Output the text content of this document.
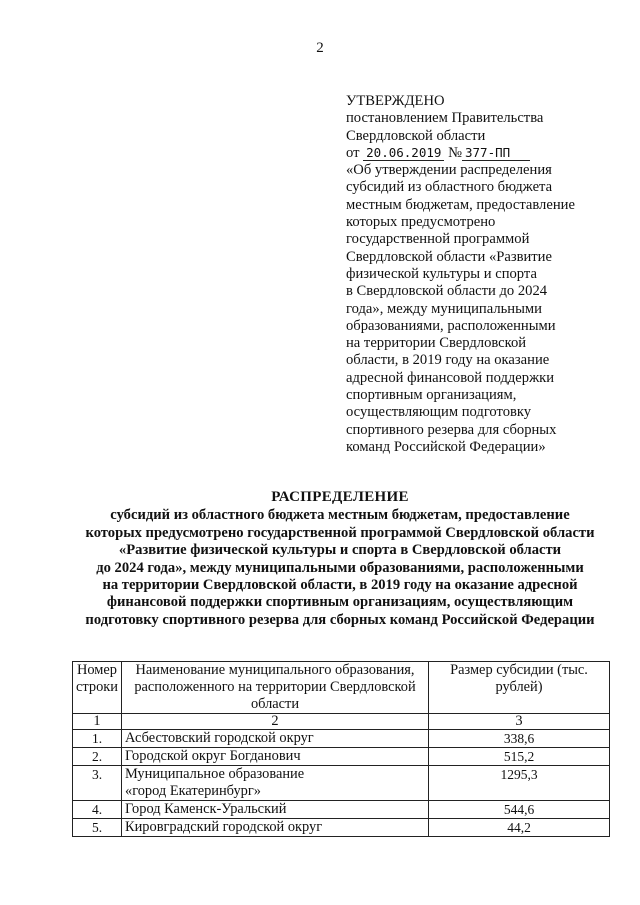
2
УТВЕРЖДЕНО
постановлением Правительства
Свердловской области
от 20.06.2019 № 377-ПП
«Об утверждении распределения
субсидий из областного бюджета
местным бюджетам, предоставление
которых предусмотрено
государственной программой
Свердловской области «Развитие
физической культуры и спорта
в Свердловской области до 2024
года», между муниципальными
образованиями, расположенными
на территории Свердловской
области, в 2019 году на оказание
адресной финансовой поддержки
спортивным организациям,
осуществляющим подготовку
спортивного резерва для сборных
команд Российской Федерации»
РАСПРЕДЕЛЕНИЕ
субсидий из областного бюджета местным бюджетам, предоставление
которых предусмотрено государственной программой Свердловской области
«Развитие физической культуры и спорта в Свердловской области
до 2024 года», между муниципальными образованиями, расположенными
на территории Свердловской области, в 2019 году на оказание адресной
финансовой поддержки спортивным организациям, осуществляющим
подготовку спортивного резерва для сборных команд Российской Федерации
Номер строки	Наименование муниципального образования, расположенного на территории Свердловской области	Размер субсидии (тыс. рублей)
1	2	3
1.	Асбестовский городской округ	338,6
2.	Городской округ Богданович	515,2
3.	Муниципальное образование
«город Екатеринбург»	1295,3
4.	Город Каменск-Уральский	544,6
5.	Кировградский городской округ	44,2
